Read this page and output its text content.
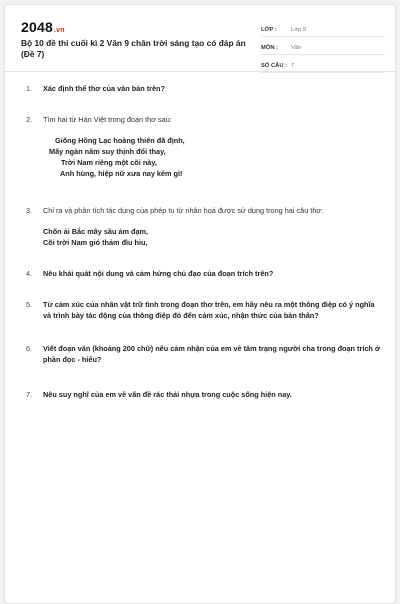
2048.vn
Bộ 10 đề thi cuối kì 2 Văn 9 chân trời sáng tạo có đáp án (Đề 7)
LỚP :	Lớp 9
MÔN :	Văn
SỐ CÂU : 7
1. Xác định thể thơ của văn bản trên?
2. Tìm hai từ Hán Việt trong đoạn thơ sau:
Giống Hồng Lạc hoàng thiên đã định,
Mấy ngàn năm suy thịnh đổi thay,
Trời Nam riêng một cõi này,
Anh hùng, hiệp nữ xưa nay kém gì!
3. Chỉ ra và phân tích tác dụng của phép tu từ nhân hoá được sử dụng trong hai câu thơ:
Chốn ải Bắc mây sầu ảm đạm,
Cõi trời Nam gió thảm đìu hiu,
4. Nêu khái quát nội dung và cảm hứng chủ đạo của đoạn trích trên?
5. Từ cảm xúc của nhân vật trữ tình trong đoạn thơ trên, em hãy nêu ra một thông điệp có ý nghĩa và trình bày tác động của thông điệp đó đến cảm xúc, nhận thức của bản thân?
6. Viết đoạn văn (khoảng 200 chữ) nêu cảm nhận của em về tâm trạng người cha trong đoạn trích ở phần đọc - hiểu?
7. Nêu suy nghĩ của em về vấn đề rác thải nhựa trong cuộc sống hiện nay.
